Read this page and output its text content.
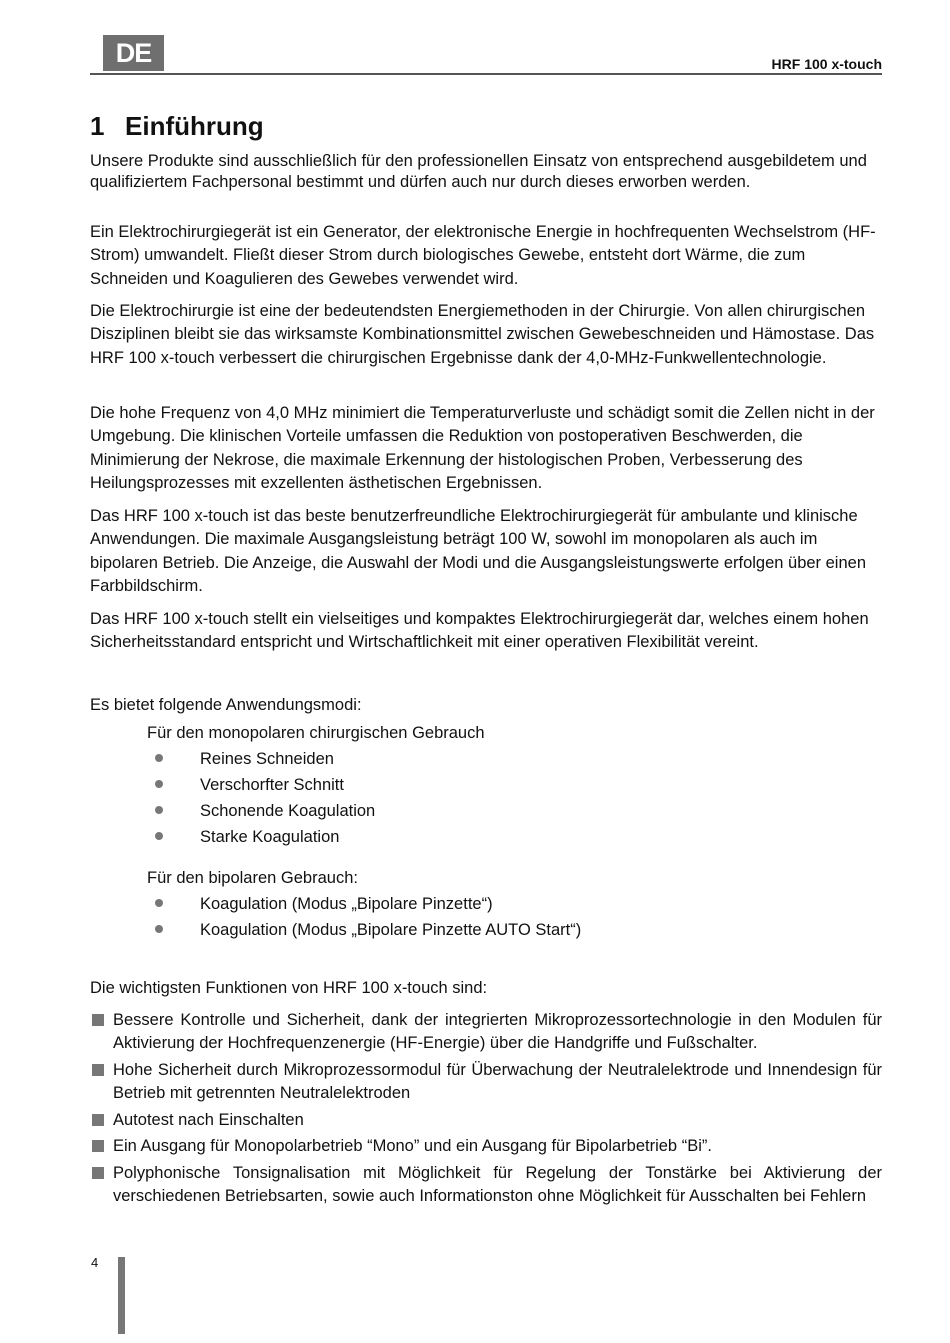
DE	HRF 100 x-touch
1 Einführung
Unsere Produkte sind ausschließlich für den professionellen Einsatz von entsprechend ausgebildetem und qualifiziertem Fachpersonal bestimmt und dürfen auch nur durch dieses erworben werden.
Ein Elektrochirurgiegerät ist ein Generator, der elektronische Energie in hochfrequenten Wechselstrom (HF-Strom) umwandelt. Fließt dieser Strom durch biologisches Gewebe, entsteht dort Wärme, die zum Schneiden und Koagulieren des Gewebes verwendet wird.
Die Elektrochirurgie ist eine der bedeutendsten Energiemethoden in der Chirurgie. Von allen chirurgischen Disziplinen bleibt sie das wirksamste Kombinationsmittel zwischen Gewebeschneiden und Hämostase. Das HRF 100 x-touch verbessert die chirurgischen Ergebnisse dank der 4,0-MHz-Funkwellentechnologie.
Die hohe Frequenz von 4,0 MHz minimiert die Temperaturverluste und schädigt somit die Zellen nicht in der Umgebung. Die klinischen Vorteile umfassen die Reduktion von postoperativen Beschwerden, die Minimierung der Nekrose, die maximale Erkennung der histologischen Proben, Verbesserung des Heilungsprozesses mit exzellenten ästhetischen Ergebnissen.
Das HRF 100 x-touch ist das beste benutzerfreundliche Elektrochirurgiegerät für ambulante und klinische Anwendungen. Die maximale Ausgangsleistung beträgt 100 W, sowohl im monopolaren als auch im bipolaren Betrieb. Die Anzeige, die Auswahl der Modi und die Ausgangsleistungswerte erfolgen über einen Farbbildschirm.
Das HRF 100 x-touch stellt ein vielseitiges und kompaktes Elektrochirurgiegerät dar, welches einem hohen Sicherheitsstandard entspricht und Wirtschaftlichkeit mit einer operativen Flexibilität vereint.
Es bietet folgende Anwendungsmodi:
Für den monopolaren chirurgischen Gebrauch
Reines Schneiden
Verschorfter Schnitt
Schonende Koagulation
Starke Koagulation
Für den bipolaren Gebrauch:
Koagulation (Modus „Bipolare Pinzette“)
Koagulation (Modus „Bipolare Pinzette AUTO Start“)
Die wichtigsten Funktionen von HRF 100 x-touch sind:
Bessere Kontrolle und Sicherheit, dank der integrierten Mikroprozessortechnologie in den Modulen für Aktivierung der Hochfrequenzenergie (HF-Energie) über die Handgriffe und Fußschalter.
Hohe Sicherheit durch Mikroprozessormodul für Überwachung der Neutralelektrode und Innendesign für Betrieb mit getrennten Neutralelektroden
Autotest nach Einschalten
Ein Ausgang für Monopolarbetrieb “Mono” und ein Ausgang für Bipolarbetrieb “Bi”.
Polyphonische Tonsignalisation mit Möglichkeit für Regelung der Tonstärke bei Aktivierung der verschiedenen Betriebsarten, sowie auch Informationston ohne Möglichkeit für Ausschalten bei Fehlern
4
